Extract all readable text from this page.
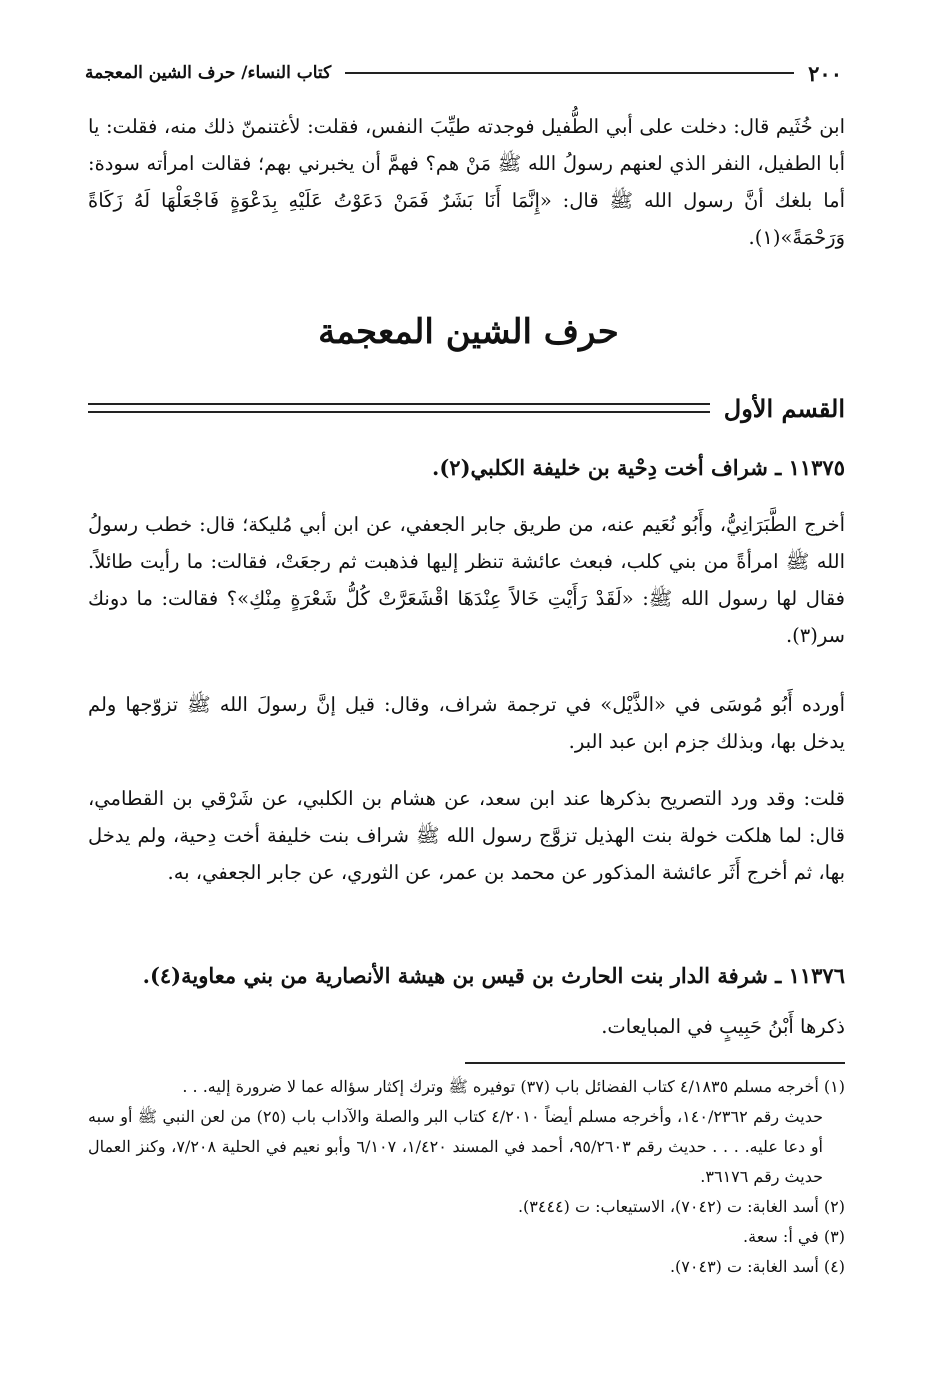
٢٠٠
كتاب النساء/ حرف الشين المعجمة
ابن خُثَيم قال: دخلت على أبي الطُّفيل فوجدته طيِّبَ النفس، فقلت: لأغتنمنّ ذلك منه، فقلت: يا أبا الطفيل، النفر الذي لعنهم رسولُ الله ﷺ مَنْ هم؟ فهمَّ أن يخبرني بهم؛ فقالت امرأته سودة: أما بلغك أنَّ رسول الله ﷺ قال: «إِنَّمَا أَنَا بَشَرٌ فَمَنْ دَعَوْتُ عَلَيْهِ بِدَعْوَةٍ فَاجْعَلْهَا لَهُ زَكَاةً وَرَحْمَةً»(١).
حرف الشين المعجمة
القسم الأول
١١٣٧٥ ـ شراف أخت دِحْية بن خليفة الكلبي(٢).
أخرج الطَّبَرَانِيُّ، وأَبُو نُعَيم عنه، من طريق جابر الجعفي، عن ابن أبي مُليكة؛ قال: خطب رسولُ الله ﷺ امرأةً من بني كلب، فبعث عائشة تنظر إليها فذهبت ثم رجعَتْ، فقالت: ما رأيت طائلاً. فقال لها رسول الله ﷺ: «لَقَدْ رَأَيْتِ خَالاً عِنْدَهَا اقْشَعَرَّتْ كُلُّ شَعْرَةٍ مِنْكِ»؟ فقالت: ما دونك سر(٣).
أورده أَبُو مُوسَى في «الذَّيْل» في ترجمة شراف، وقال: قيل إنَّ رسولَ الله ﷺ تزوّجها ولم يدخل بها، وبذلك جزم ابن عبد البر.
قلت: وقد ورد التصريح بذكرها عند ابن سعد، عن هشام بن الكلبي، عن شَرْقي بن القطامي، قال: لما هلكت خولة بنت الهذيل تزوَّج رسول الله ﷺ شراف بنت خليفة أخت دِحية، ولم يدخل بها، ثم أخرج أَثَر عائشة المذكور عن محمد بن عمر، عن الثوري، عن جابر الجعفي، به.
١١٣٧٦ ـ شرفة الدار بنت الحارث بن قيس بن هيشة الأنصارية من بني معاوية(٤).
ذكرها أَبْنُ حَبِيبٍ في المبايعات.

(١) أخرجه مسلم ٤/١٨٣٥ كتاب الفضائل باب (٣٧) توفيره ﷺ وترك إكثار سؤاله عما لا ضرورة إليه. . .

حديث رقم ١٤٠/٢٣٦٢، وأخرجه مسلم أيضاً ٤/٢٠١٠ كتاب البر والصلة والآداب باب (٢٥) من لعن النبي ﷺ أو سبه أو دعا عليه. . . . حديث رقم ٩٥/٢٦٠٣، أحمد في المسند ١/٤٢٠، ٦/١٠٧ وأبو نعيم في الحلية ٧/٢٠٨، وكنز العمال حديث رقم ٣٦١٧٦.

(٢) أسد الغابة: ت (٧٠٤٢)، الاستيعاب: ت (٣٤٤٤).

(٣) في أ: سعة.

(٤) أسد الغابة: ت (٧٠٤٣).
